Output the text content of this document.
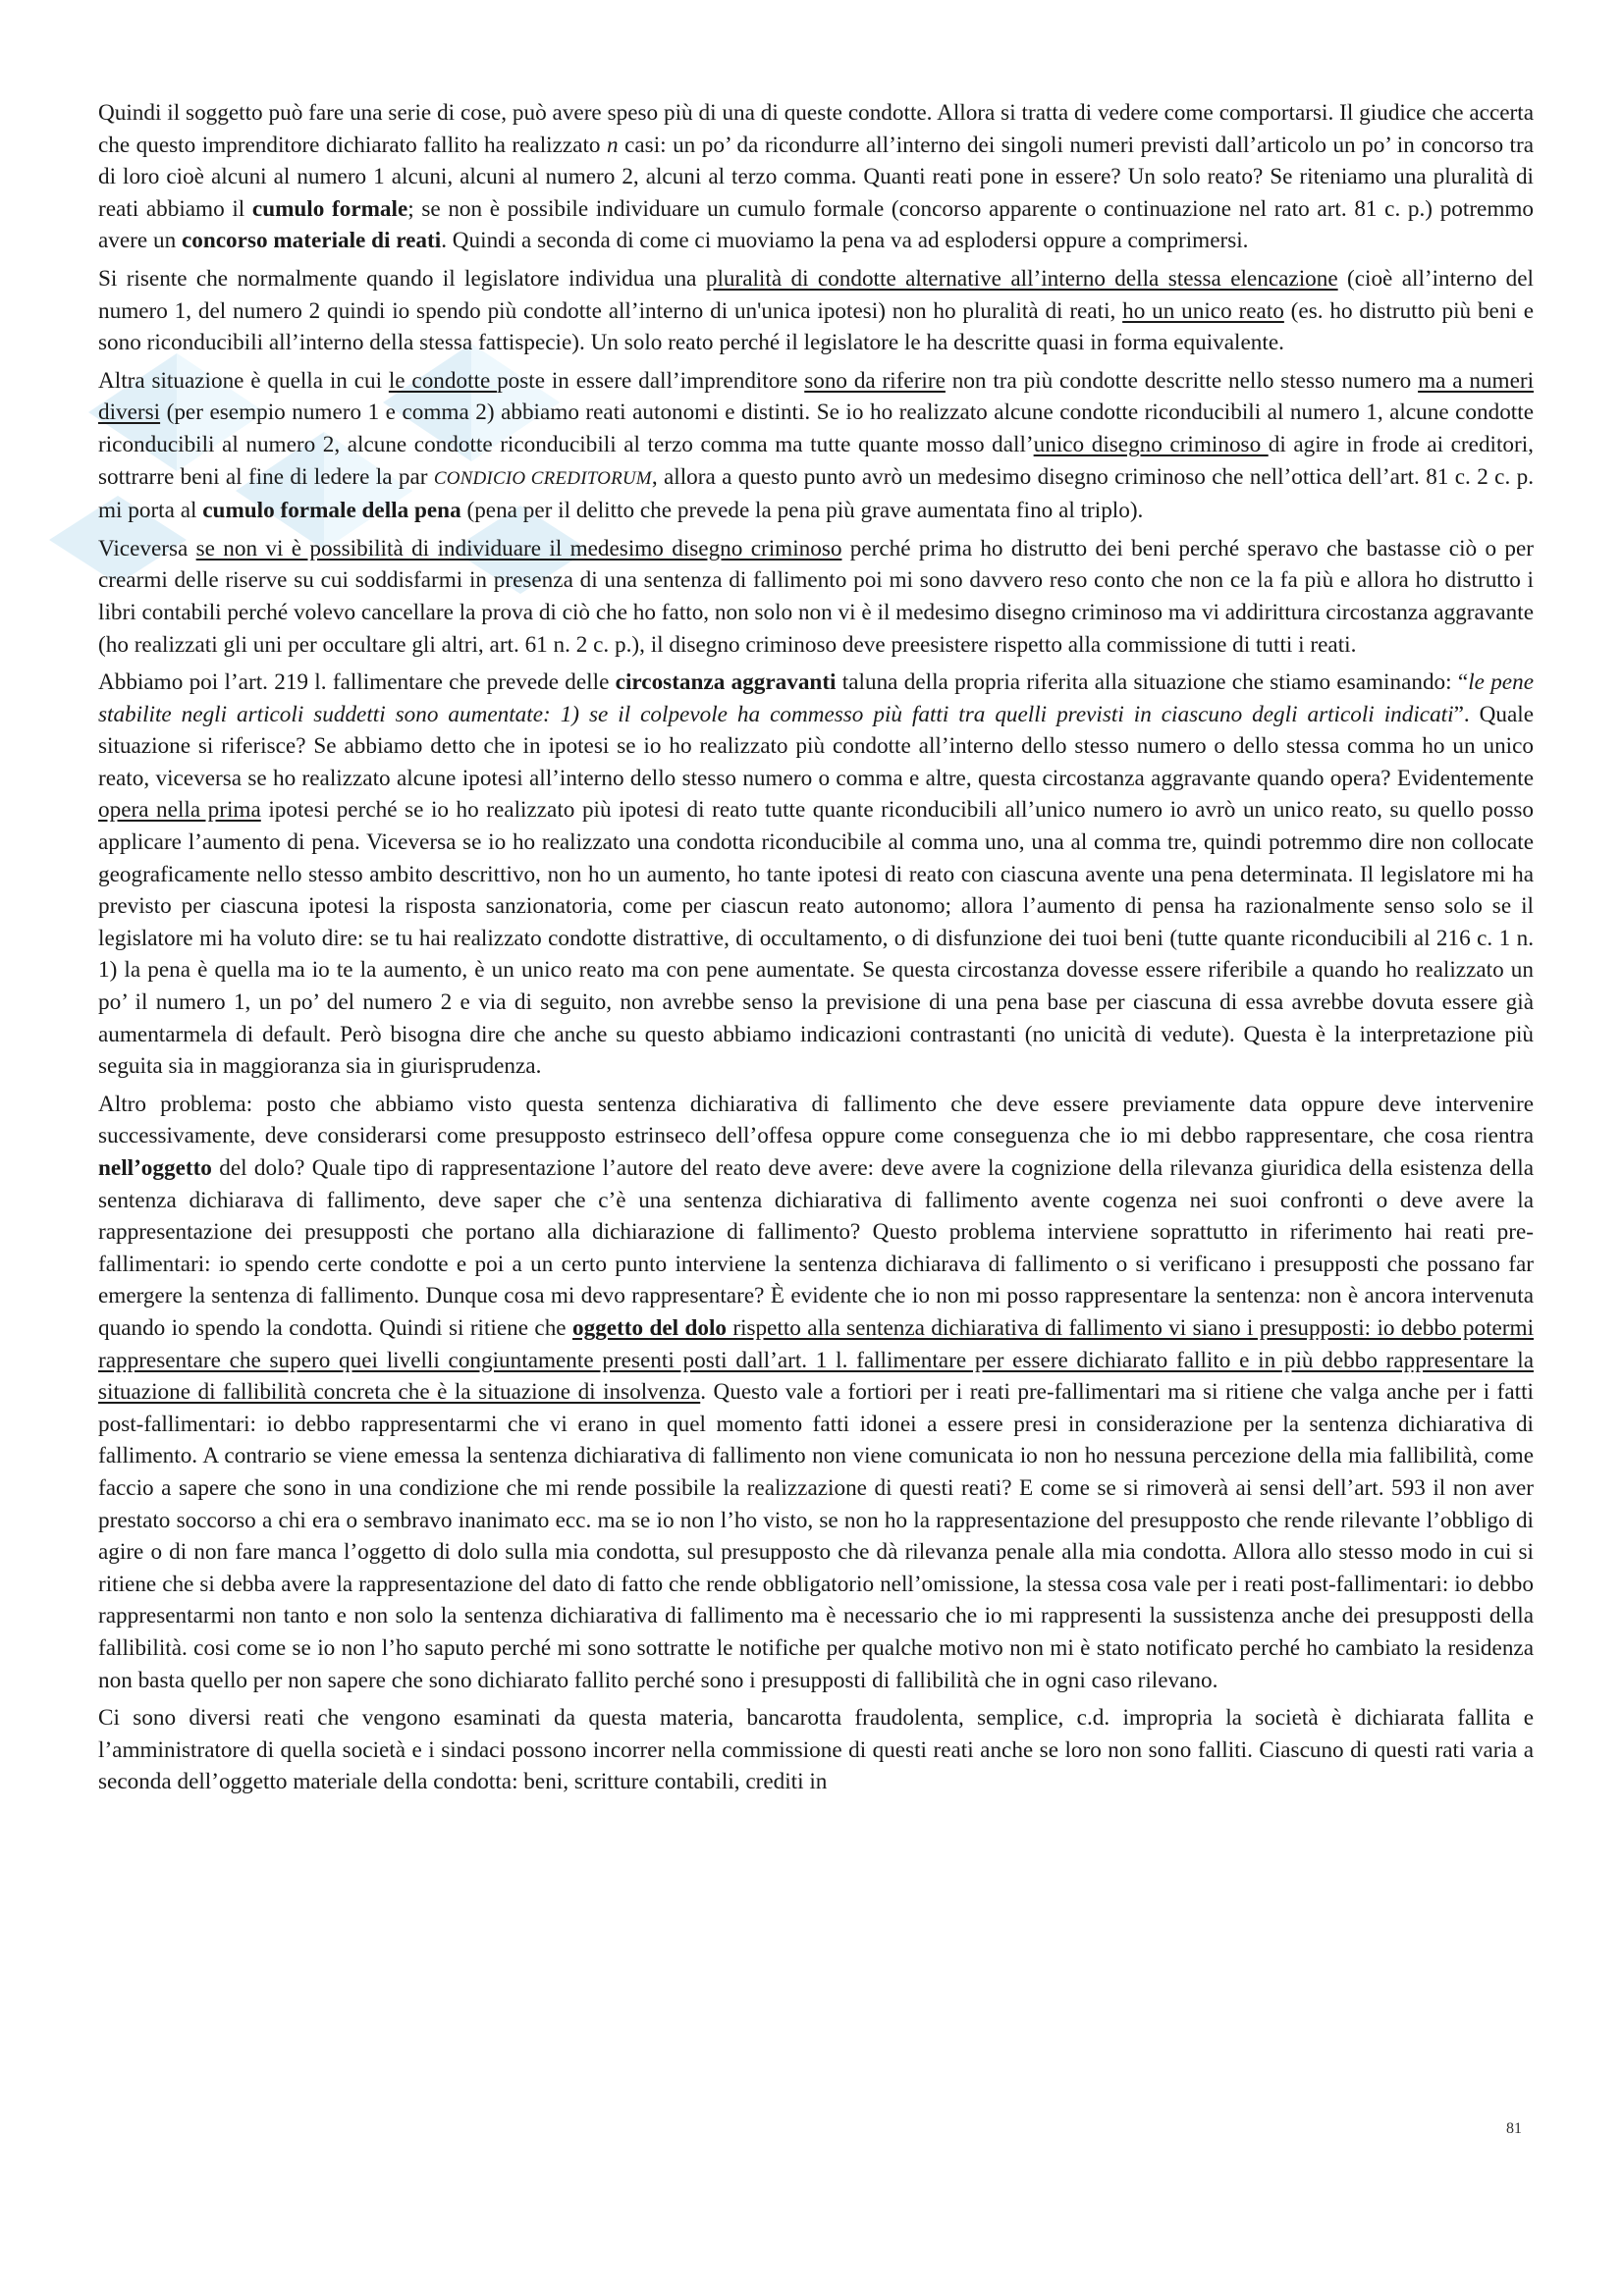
Quindi il soggetto può fare una serie di cose, può avere speso più di una di queste condotte. Allora si tratta di vedere come comportarsi. Il giudice che accerta che questo imprenditore dichiarato fallito ha realizzato n casi: un po’ da ricondurre all’interno dei singoli numeri previsti dall’articolo un po’ in concorso tra di loro cioè alcuni al numero 1 alcuni, alcuni al numero 2, alcuni al terzo comma. Quanti reati pone in essere? Un solo reato? Se riteniamo una pluralità di reati abbiamo il cumulo formale; se non è possibile individuare un cumulo formale (concorso apparente o continuazione nel rato art. 81 c. p.) potremmo avere un concorso materiale di reati. Quindi a seconda di come ci muoviamo la pena va ad esplodersi oppure a comprimersi.

Si risente che normalmente quando il legislatore individua una pluralità di condotte alternative all’interno della stessa elencazione (cioè all’interno del numero 1, del numero 2 quindi io spendo più condotte all’interno di un'unica ipotesi) non ho pluralità di reati, ho un unico reato (es. ho distrutto più beni e sono riconducibili all’interno della stessa fattispecie). Un solo reato perché il legislatore le ha descritte quasi in forma equivalente.

Altra situazione è quella in cui le condotte poste in essere dall’imprenditore sono da riferire non tra più condotte descritte nello stesso numero ma a numeri diversi (per esempio numero 1 e comma 2) abbiamo reati autonomi e distinti. Se io ho realizzato alcune condotte riconducibili al numero 1, alcune condotte riconducibili al numero 2, alcune condotte riconducibili al terzo comma ma tutte quante mosso dall’unico disegno criminoso di agire in frode ai creditori, sottrarre beni al fine di ledere la par CONDICIO CREDITORUM, allora a questo punto avrò un medesimo disegno criminoso che nell’ottica dell’art. 81 c. 2 c. p. mi porta al cumulo formale della pena (pena per il delitto che prevede la pena più grave aumentata fino al triplo).

Viceversa se non vi è possibilità di individuare il medesimo disegno criminoso perché prima ho distrutto dei beni perché speravo che bastasse ciò o per crearmi delle riserve su cui soddisfarmi in presenza di una sentenza di fallimento poi mi sono davvero reso conto che non ce la fa più e allora ho distrutto i libri contabili perché volevo cancellare la prova di ciò che ho fatto, non solo non vi è il medesimo disegno criminoso ma vi addirittura circostanza aggravante (ho realizzati gli uni per occultare gli altri, art. 61 n. 2 c. p.), il disegno criminoso deve preesistere rispetto alla commissione di tutti i reati.

Abbiamo poi l’art. 219 l. fallimentare che prevede delle circostanza aggravanti taluna della propria riferita alla situazione che stiamo esaminando: “le pene stabilite negli articoli suddetti sono aumentate: 1) se il colpevole ha commesso più fatti tra quelli previsti in ciascuno degli articoli indicati”. Quale situazione si riferisce? Se abbiamo detto che in ipotesi se io ho realizzato più condotte all’interno dello stesso numero o dello stessa comma ho un unico reato, viceversa se ho realizzato alcune ipotesi all’interno dello stesso numero o comma e altre, questa circostanza aggravante quando opera? Evidentemente opera nella prima ipotesi perché se io ho realizzato più ipotesi di reato tutte quante riconducibili all’unico numero io avrò un unico reato, su quello posso applicare l’aumento di pena. Viceversa se io ho realizzato una condotta riconducibile al comma uno, una al comma tre, quindi potremmo dire non collocate geograficamente nello stesso ambito descrittivo, non ho un aumento, ho tante ipotesi di reato con ciascuna avente una pena determinata. Il legislatore mi ha previsto per ciascuna ipotesi la risposta sanzionatoria, come per ciascun reato autonomo; allora l’aumento di pensa ha razionalmente senso solo se il legislatore mi ha voluto dire: se tu hai realizzato condotte distrattive, di occultamento, o di disfunzione dei tuoi beni (tutte quante riconducibili al 216 c. 1 n. 1) la pena è quella ma io te la aumento, è un unico reato ma con pene aumentate. Se questa circostanza dovesse essere riferibile a quando ho realizzato un po’ il numero 1, un po’ del numero 2 e via di seguito, non avrebbe senso la previsione di una pena base per ciascuna di essa avrebbe dovuta essere già aumentarmela di default. Però bisogna dire che anche su questo abbiamo indicazioni contrastanti (no unicità di vedute). Questa è la interpretazione più seguita sia in maggioranza sia in giurisprudenza.

Altro problema: posto che abbiamo visto questa sentenza dichiarativa di fallimento che deve essere previamente data oppure deve intervenire successivamente, deve considerarsi come presupposto estrinseco dell’offesa oppure come conseguenza che io mi debbo rappresentare, che cosa rientra nell’oggetto del dolo? Quale tipo di rappresentazione l’autore del reato deve avere: deve avere la cognizione della rilevanza giuridica della esistenza della sentenza dichiarava di fallimento, deve saper che c’è una sentenza dichiarativa di fallimento avente cogenza nei suoi confronti o deve avere la rappresentazione dei presupposti che portano alla dichiarazione di fallimento? Questo problema interviene soprattutto in riferimento hai reati pre-fallimentari: io spendo certe condotte e poi a un certo punto interviene la sentenza dichiarava di fallimento o si verificano i presupposti che possano far emergere la sentenza di fallimento. Dunque cosa mi devo rappresentare? È evidente che io non mi posso rappresentare la sentenza: non è ancora intervenuta quando io spendo la condotta. Quindi si ritiene che oggetto del dolo rispetto alla sentenza dichiarativa di fallimento vi siano i presupposti: io debbo potermi rappresentare che supero quei livelli congiuntamente presenti posti dall’art. 1 l. fallimentare per essere dichiarato fallito e in più debbo rappresentare la situazione di fallibilità concreta che è la situazione di insolvenza. Questo vale a fortiori per i reati pre-fallimentari ma si ritiene che valga anche per i fatti post-fallimentari: io debbo rappresentarmi che vi erano in quel momento fatti idonei a essere presi in considerazione per la sentenza dichiarativa di fallimento. A contrario se viene emessa la sentenza dichiarativa di fallimento non viene comunicata io non ho nessuna percezione della mia fallibilità, come faccio a sapere che sono in una condizione che mi rende possibile la realizzazione di questi reati? E come se si rimoverà ai sensi dell’art. 593 il non aver prestato soccorso a chi era o sembravo inanimato ecc. ma se io non l’ho visto, se non ho la rappresentazione del presupposto che rende rilevante l’obbligo di agire o di non fare manca l’oggetto di dolo sulla mia condotta, sul presupposto che dà rilevanza penale alla mia condotta. Allora allo stesso modo in cui si ritiene che si debba avere la rappresentazione del dato di fatto che rende obbligatorio nell’omissione, la stessa cosa vale per i reati post-fallimentari: io debbo rappresentarmi non tanto e non solo la sentenza dichiarativa di fallimento ma è necessario che io mi rappresenti la sussistenza anche dei presupposti della fallibilità. cosi come se io non l’ho saputo perché mi sono sottratte le notifiche per qualche motivo non mi è stato notificato perché ho cambiato la residenza non basta quello per non sapere che sono dichiarato fallito perché sono i presupposti di fallibilità che in ogni caso rilevano.

Ci sono diversi reati che vengono esaminati da questa materia, bancarotta fraudolenta, semplice, c.d. impropria la società è dichiarata fallita e l’amministratore di quella società e i sindaci possono incorrer nella commissione di questi reati anche se loro non sono falliti. Ciascuno di questi rati varia a seconda dell’oggetto materiale della condotta: beni, scritture contabili, crediti in

81
